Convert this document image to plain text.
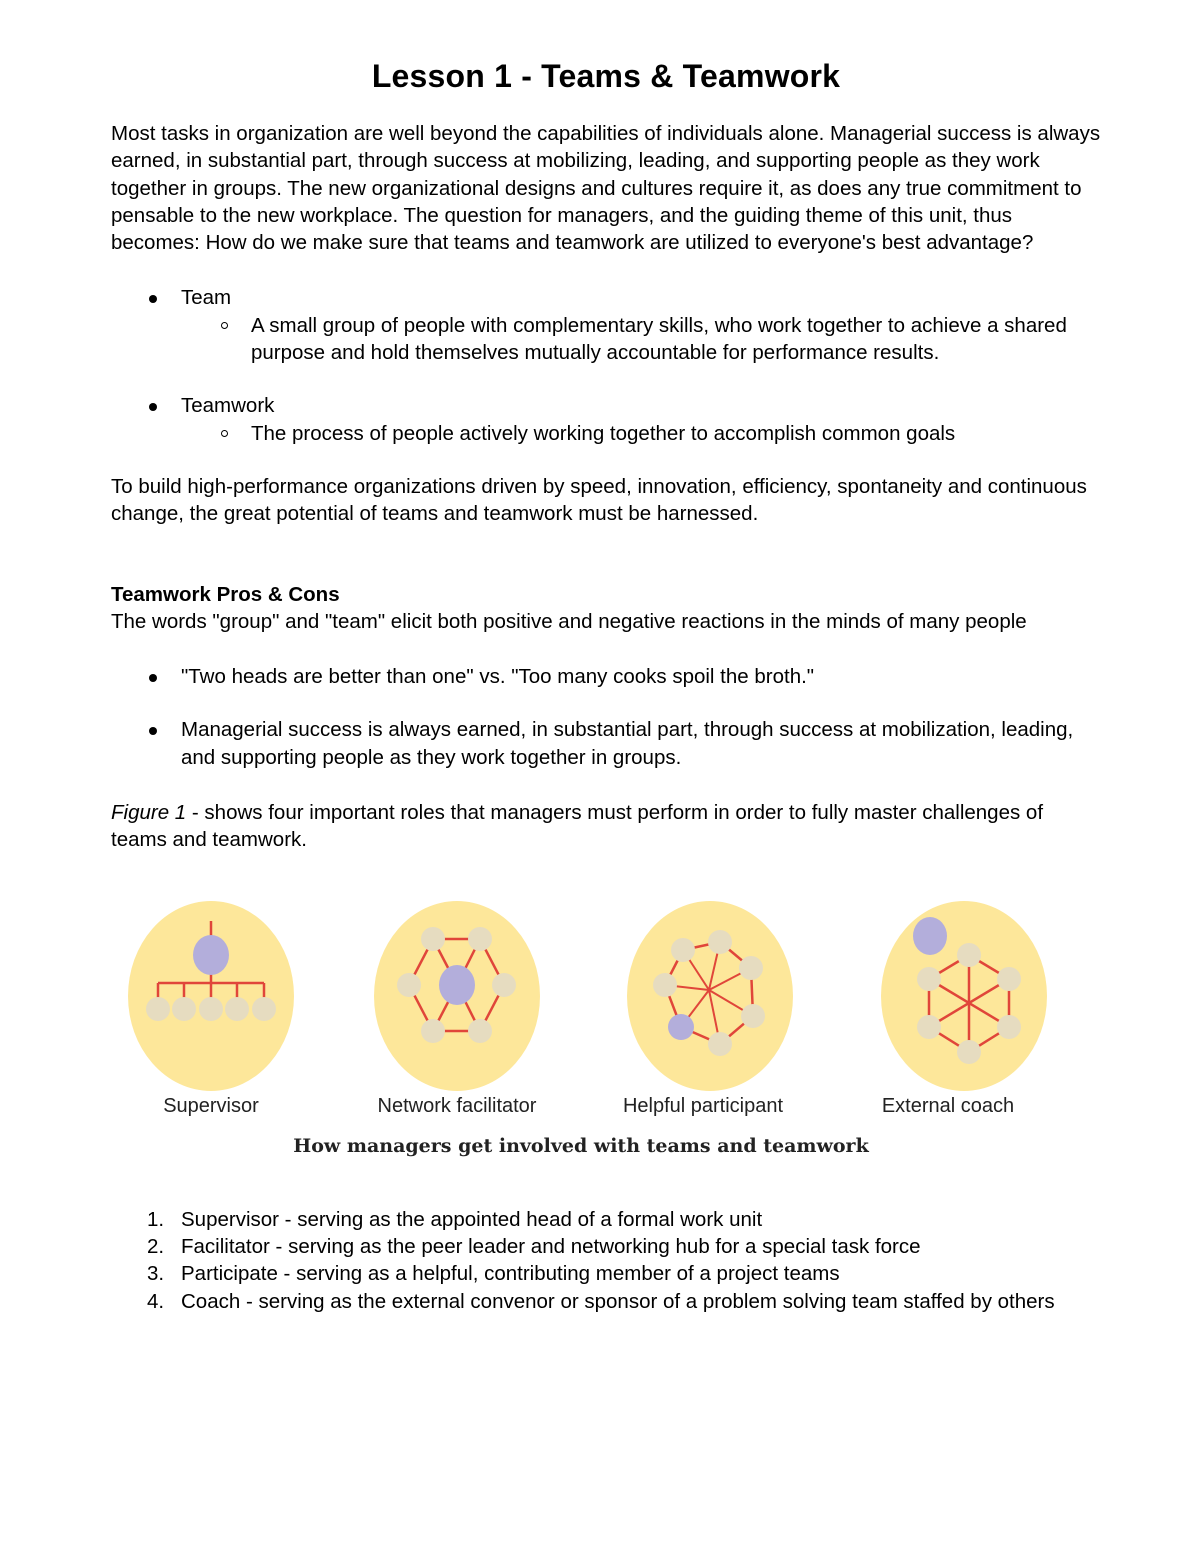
Lesson 1 - Teams & Teamwork

Most tasks in organization are well beyond the capabilities of individuals alone. Managerial success is always earned, in substantial part, through success at mobilizing, leading, and supporting people as they work together in groups. The new organizational designs and cultures require it, as does any true commitment to pensable to the new workplace. The question for managers, and the guiding theme of this unit, thus becomes: How do we make sure that teams and teamwork are utilized to everyone's best advantage?

Team
A small group of people with complementary skills, who work together to achieve a shared purpose and hold themselves mutually accountable for performance results.
Teamwork
The process of people actively working together to accomplish common goals

To build high-performance organizations driven by speed, innovation, efficiency, spontaneity and continuous change, the great potential of teams and teamwork must be harnessed.

Teamwork Pros & Cons

The words "group" and "team" elicit both positive and negative reactions in the minds of many people

"Two heads are better than one" vs. "Too many cooks spoil the broth."
Managerial success is always earned, in substantial part, through success at mobilization, leading, and supporting people as they work together in groups.

Figure 1 - shows four important roles that managers must perform in order to fully master challenges of teams and teamwork.

Supervisor	Network facilitator	Helpful participant	External coach
How managers get involved with teams and teamwork
1. Supervisor - serving as the appointed head of a formal work unit
2. Facilitator - serving as the peer leader and networking hub for a special task force
3. Participate - serving as a helpful, contributing member of a project teams
4. Coach - serving as the external convenor or sponsor of a problem solving team staffed by others
